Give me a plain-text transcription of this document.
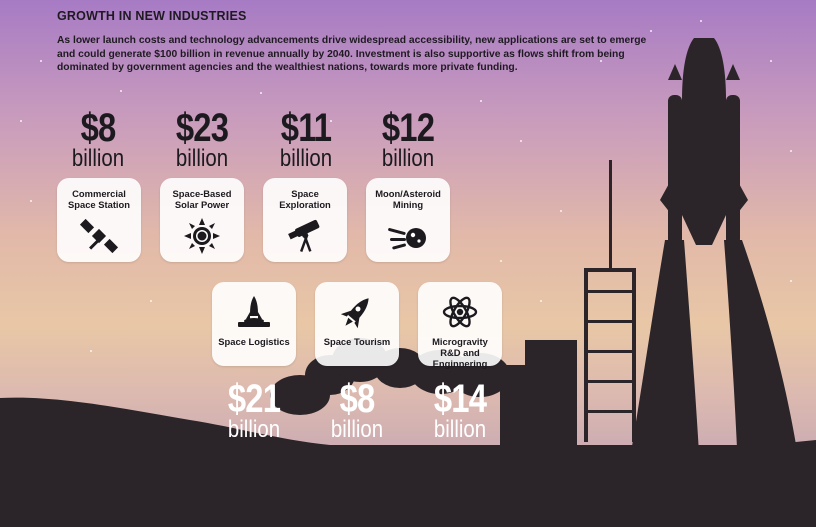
GROWTH IN NEW INDUSTRIES

As lower launch costs and technology advancements drive widespread accessibility, new applications are set to emerge and could generate $100 billion in revenue annually by 2040. Investment is also supportive as flows shift from being dominated by government agencies and the wealthiest nations, towards more private funding.

$8
billion
$23
billion
$11
billion
$12
billion
Commercial Space Station
Space-Based Solar Power
Space Exploration
Moon/Asteroid Mining
Space Logistics	Space Tourism	Microgravity R&D and Enginnering
$21
billion
$8
billion
$14
billion
